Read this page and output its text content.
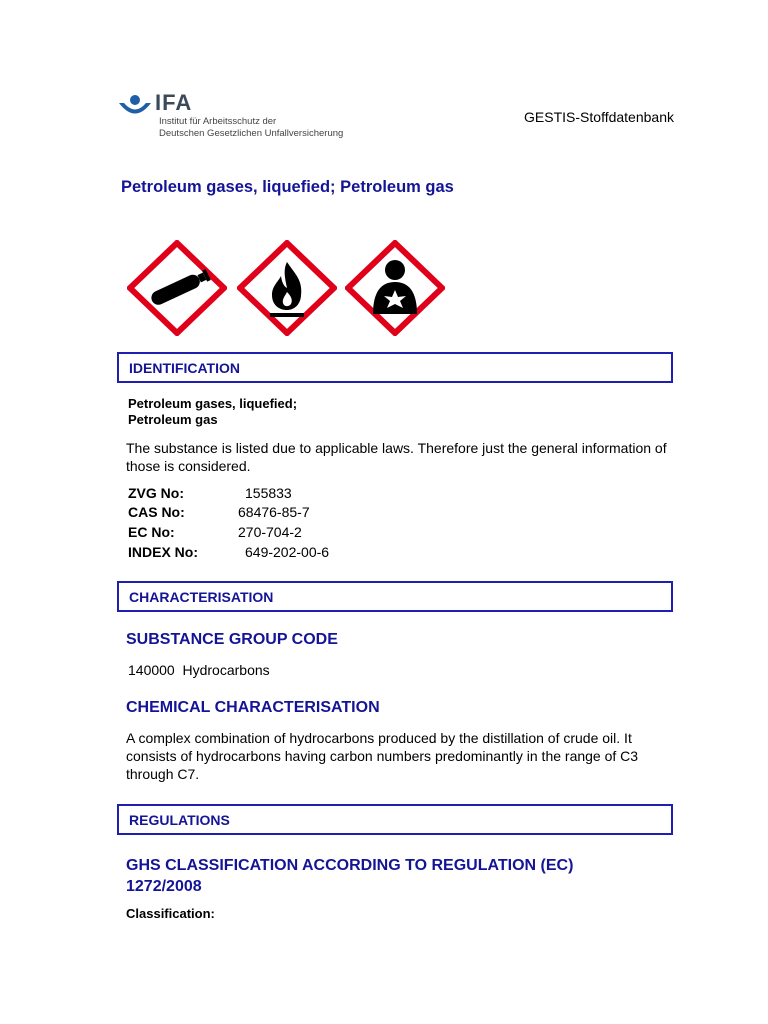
IFA
Institut für Arbeitsschutz der
Deutschen Gesetzlichen Unfallversicherung
GESTIS-Stoffdatenbank
Petroleum gases, liquefied; Petroleum gas
IDENTIFICATION
Petroleum gases, liquefied;
Petroleum gas
The substance is listed due to applicable laws. Therefore just the general information of those is considered.
ZVG No:	155833
CAS No:	68476-85-7
EC No:	270-704-2
INDEX No:	649-202-00-6
CHARACTERISATION
SUBSTANCE GROUP CODE
140000  Hydrocarbons
CHEMICAL CHARACTERISATION
A complex combination of hydrocarbons produced by the distillation of crude oil. It consists of hydrocarbons having carbon numbers predominantly in the range of C3 through C7.
REGULATIONS
GHS CLASSIFICATION ACCORDING TO REGULATION (EC) 1272/2008
Classification:
